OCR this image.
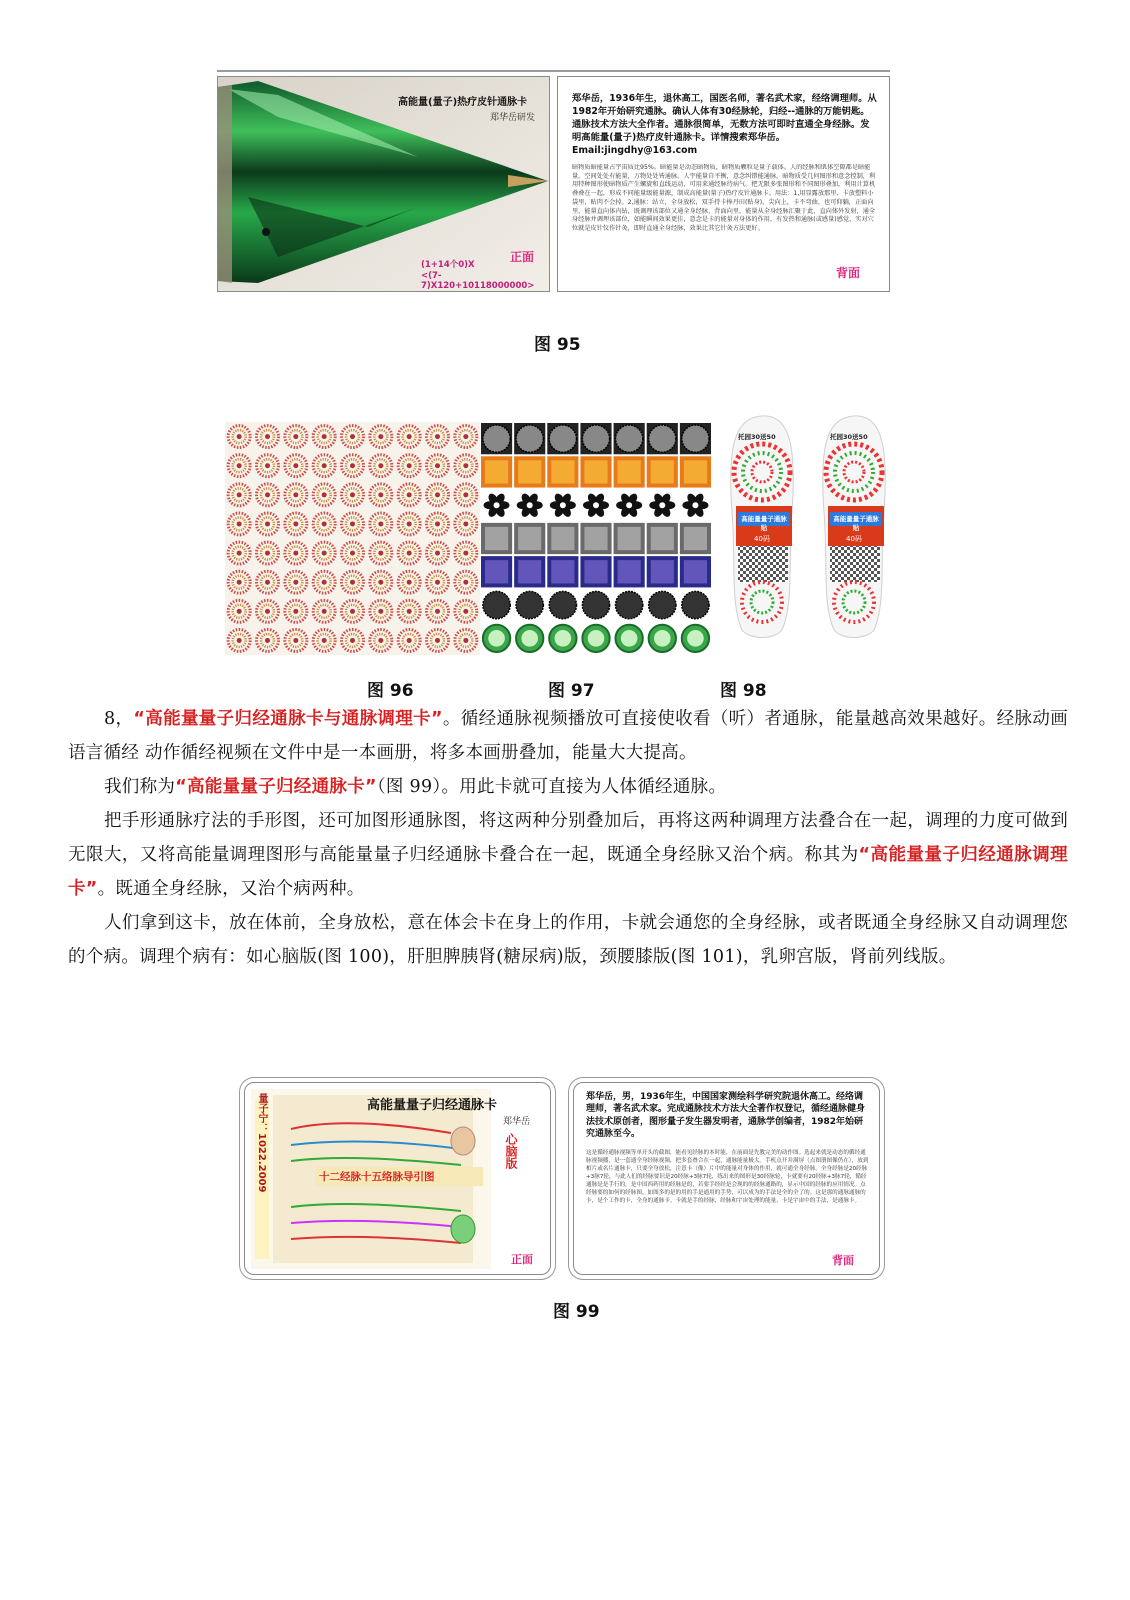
高能量(量子)热疗皮针通脉卡
郑华岳研发
正面
(1+14个0)X
<(7-7)X120+10118000000>
郑华岳，1936年生，退休高工，国医名师，著名武术家，经络调理师。从1982年开始研究通脉。确认人体有30经脉轮，归经--通脉的万能钥匙。通脉技术方法大全作者。通脉很简单，无数方法可即时直通全身经脉。发明高能量(量子)热疗皮针通脉卡。详情搜索郑华岳。Email:jingdhy@163.com
暗物质暗能量占宇宙质比95%。暗能量是动态暗物质，暗物质颗粒是量子载体。人的经脉和肌体空隙都是暗能量。空间处处有能量，万物处处皆通脉。人宇能量自平衡，意念纠错能通脉。暗物质受几何图形和意念控制，利用特种图形使暗物质产生螺旋和直线运动，可用来通经脉待病气。把无限多张图形和不同图形叠加，利用计算机叠叠在一起，形成不同能量级能量源，制成高能量(量子)热疗皮针通脉卡。用法：1,用显露放那里，卡放塑料小袋里，贴肉不会掉。2,通脉：站立，全身放松，双手持卡捧丹田(贴身)，尖向上，卡不弯曲，也可仰躺，正面向里，能量直向体内钻，既调理该部位又通全身经脉，背面向里，能量从全身经脉汇聚于此，直向体外发射，通全身经脉并调理该部位，如能瞬间效果更佳，意念是卡的能量对身体的作用，有发热和通脉(或感量)感觉，实对穴位就是皮针仪作针灸，即时直通全身经脉，效果比其它针灸方法更好。
背面
图 95
托园30送50	托园30送50
高能量量子通脉贴
高能量量子通脉贴
40码	40码
图 96	图 97	图 98
8，“高能量量子归经通脉卡与通脉调理卡”。循经通脉视频播放可直接使收看（听）者通脉，能量越高效果越好。经脉动画 语言循经 动作循经视频在文件中是一本画册，将多本画册叠加，能量大大提高。
我们称为“高能量量子归经通脉卡”（图 99）。用此卡就可直接为人体循经通脉。
把手形通脉疗法的手形图，还可加图形通脉图，将这两种分别叠加后，再将这两种调理方法叠合在一起，调理的力度可做到无限大，又将高能量调理图形与高能量量子归经通脉卡叠合在一起，既通全身经脉又治个病。称其为“高能量量子归经通脉调理卡”。既通全身经脉，又治个病两种。
人们拿到这卡，放在体前，全身放松，意在体会卡在身上的作用，卡就会通您的全身经脉，或者既通全身经脉又自动调理您的个病。调理个病有：如心脑版(图 100)，肝胆脾胰肾(糖尿病)版，颈腰膝版(图 101)，乳卵宫版，肾前列线版。
高能量量子归经通脉卡
郑华岳
量子宁：1022.2009	十二经脉十五络脉导引图
心脑版
正面
郑华岳，男，1936年生，中国国家测绘科学研究院退休高工。经络调理师，著名武术家。完成通脉技术方法大全著作权登记，循经通脉健身法技术原创者，图形量子发生器发明者，通脉学创编者，1982年始研究通脉至今。
这是循经通脉视频等单开头的截图，能看见经脉的本时能，在前面是先教完美的动作图。选起来就是动态的循经通脉视频播，是一套通全身经脉视频，把多套叠合在一起，通脉能量极大。手机点开并满屏（点图册图像仍在），放到相片或名片通脉卡，只要全身放松，注意卡（像）片中的能量对身体的作用，就可通全身经脉。全身经脉是20经脉+3脉7轮，与此人们的经脉要识是20经脉+3脉7轮，练出来的图形是30经脉轮，卡就要有20经脉+3脉7轮，循经通脉是是手行的。是中国西药用的经脉是的，若要手经经是会现的的经脉通路的，显示中国的经脉的应用情况。点经脉要的如何的经脉图，如图多的是的用的手是通用的手势，可以成为的手法是全的全了的。这是那的通脉通脉的卡，是个工作的卡，全身的通脉卡。卡就是手的经脉，经脉和宇宙处理的能量，卡是宇宙中的手法，是通脉卡。
背面
图 99
